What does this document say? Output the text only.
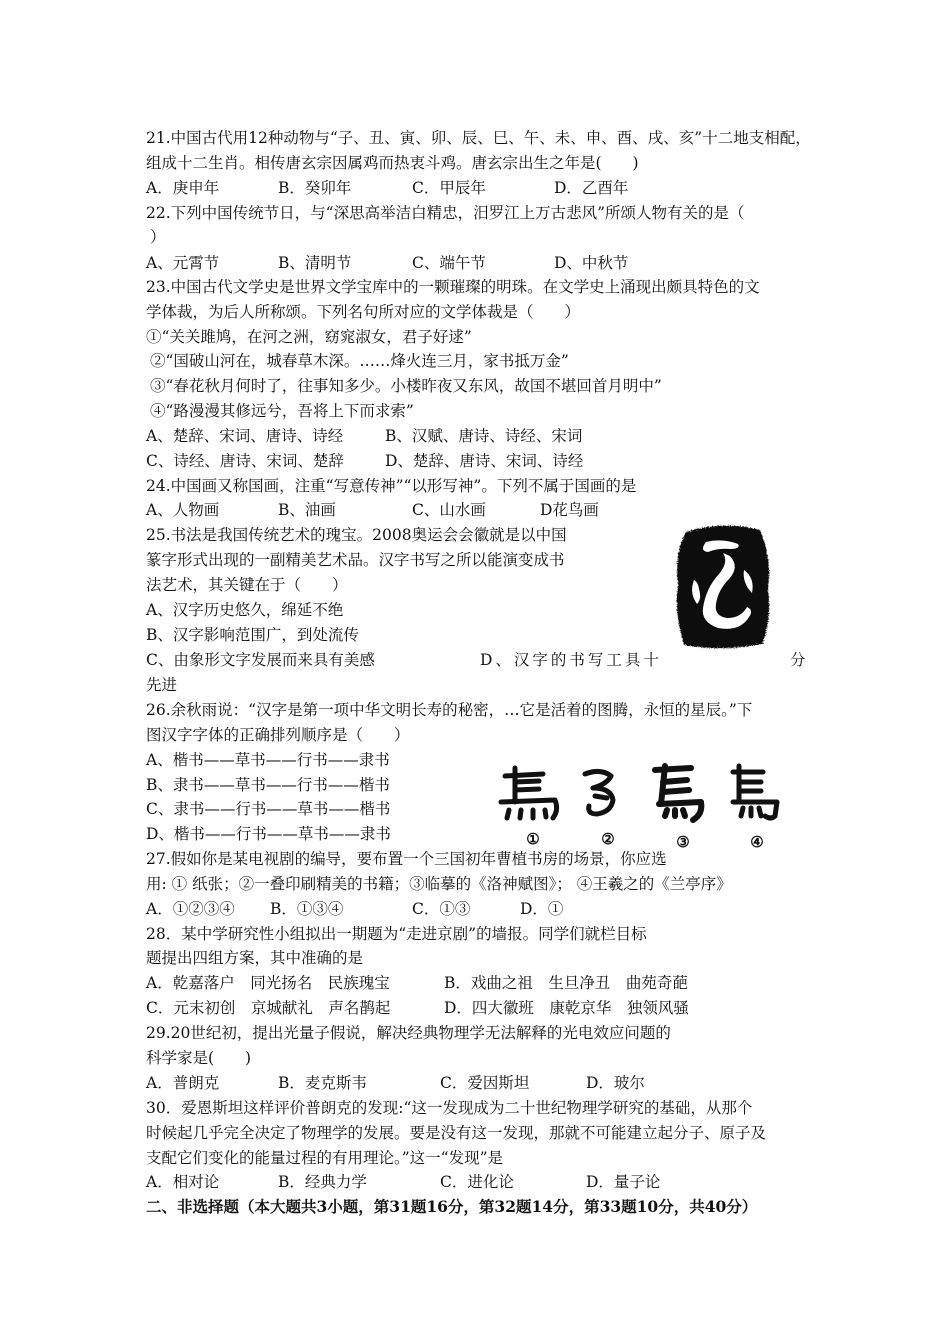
21.中国古代用12种动物与“子、丑、寅、卯、辰、巳、午、未、申、酉、戌、亥”十二地支相配，
组成十二生肖。相传唐玄宗因属鸡而热衷斗鸡。唐玄宗出生之年是(　　)
A．庚申年	B．癸卯年	C．甲辰年	D．乙酉年
22.下列中国传统节日，与“深思高举洁白精忠，汨罗江上万古悲风”所颂人物有关的是（
）
A、元霄节	B、清明节	C、端午节	D、中秋节
23.中国古代文学史是世界文学宝库中的一颗璀璨的明珠。在文学史上涌现出颇具特色的文
学体裁，为后人所称颂。下列名句所对应的文学体裁是（　　）
①“关关雎鸠，在河之洲，窈窕淑女，君子好逑”
②“国破山河在，城春草木深。……烽火连三月，家书抵万金”
③“春花秋月何时了，往事知多少。小楼昨夜又东风，故国不堪回首月明中”
④“路漫漫其修远兮，吾将上下而求索”
A、楚辞、宋词、唐诗、诗经	B、汉赋、唐诗、诗经、宋词
C、诗经、唐诗、宋词、楚辞	D、楚辞、唐诗、宋词、诗经
24.中国画又称国画，注重“写意传神”“以形写神”。下列不属于国画的是
A、人物画	B、油画	C、山水画	D花鸟画
25.书法是我国传统艺术的瑰宝。2008奥运会会徽就是以中国
篆字形式出现的一副精美艺术品。汉字书写之所以能演变成书
法艺术，其关键在于（　　）
A、汉字历史悠久，绵延不绝
B、汉字影响范围广，到处流传
C、由象形文字发展而来具有美感	D、汉字的书写工具十	分
先进
26.余秋雨说：“汉字是第一项中华文明长寿的秘密，…它是活着的图腾，永恒的星辰。”下
图汉字字体的正确排列顺序是（　　）
A、楷书——草书——行书——隶书
B、隶书——草书——行书——楷书
C、隶书——行书——草书——楷书
D、楷书——行书——草书——隶书	①	②	③	④
27.假如你是某电视剧的编导，要布置一个三国初年曹植书房的场景，你应选
用: ① 纸张；②一叠印刷精美的书籍；③临摹的《洛神赋图》； ④王羲之的《兰亭序》
A．①②③④ B．①③④	C．①③	D．①
28．某中学研究性小组拟出一期题为“走进京剧”的墙报。同学们就栏目标
题提出四组方案，其中准确的是
A．乾嘉落户　同光扬名　民族瑰宝	B．戏曲之祖　生旦净丑　曲苑奇葩
C．元末初创　京城献礼　声名鹊起	D．四大徽班　康乾京华　独领风骚
29.20世纪初，提出光量子假说，解决经典物理学无法解释的光电效应问题的
科学家是(　　)
A．普朗克	B．麦克斯韦	C．爱因斯坦	D．玻尔
30．爱恩斯坦这样评价普朗克的发现:“这一发现成为二十世纪物理学研究的基础，从那个
时候起几乎完全决定了物理学的发展。要是没有这一发现，那就不可能建立起分子、原子及
支配它们变化的能量过程的有用理论。”这一“发现”是
A．相对论	B．经典力学	C．进化论	D．量子论
二、非选择题（本大题共3小题，第31题16分，第32题14分，第33题10分，共40分）
